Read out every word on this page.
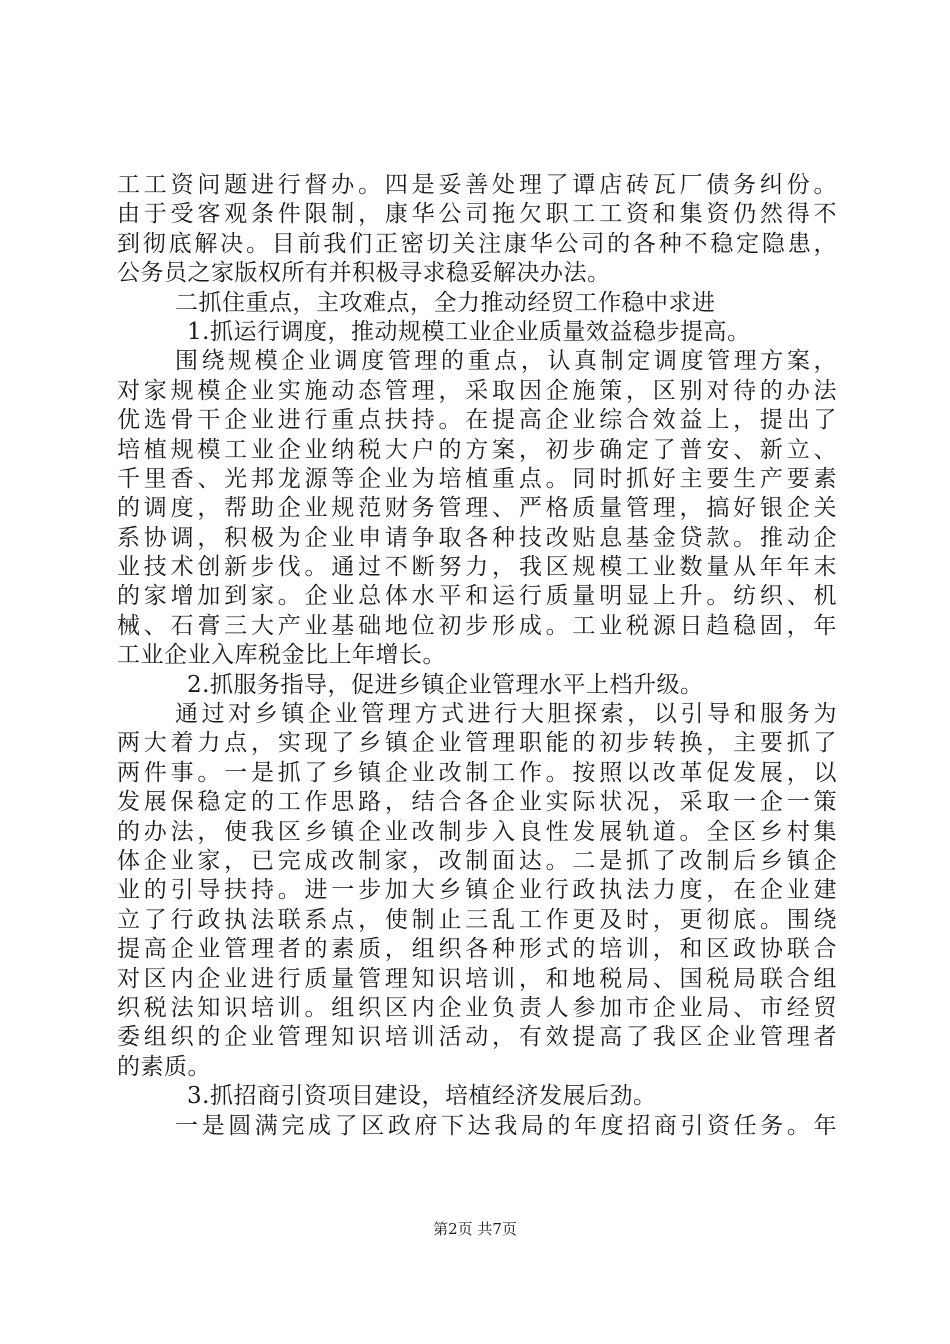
工工资问题进行督办。四是妥善处理了谭店砖瓦厂债务纠份。
由于受客观条件限制，康华公司拖欠职工工资和集资仍然得不
到彻底解决。目前我们正密切关注康华公司的各种不稳定隐患，
公务员之家版权所有并积极寻求稳妥解决办法。
二抓住重点，主攻难点，全力推动经贸工作稳中求进
1.抓运行调度，推动规模工业企业质量效益稳步提高。
围绕规模企业调度管理的重点，认真制定调度管理方案，
对家规模企业实施动态管理，采取因企施策，区别对待的办法
优选骨干企业进行重点扶持。在提高企业综合效益上，提出了
培植规模工业企业纳税大户的方案，初步确定了普安、新立、
千里香、光邦龙源等企业为培植重点。同时抓好主要生产要素
的调度，帮助企业规范财务管理、严格质量管理，搞好银企关
系协调，积极为企业申请争取各种技改贴息基金贷款。推动企
业技术创新步伐。通过不断努力，我区规模工业数量从年年末
的家增加到家。企业总体水平和运行质量明显上升。纺织、机
械、石膏三大产业基础地位初步形成。工业税源日趋稳固，年
工业企业入库税金比上年增长。
2.抓服务指导，促进乡镇企业管理水平上档升级。
通过对乡镇企业管理方式进行大胆探索，以引导和服务为
两大着力点，实现了乡镇企业管理职能的初步转换，主要抓了
两件事。一是抓了乡镇企业改制工作。按照以改革促发展，以
发展保稳定的工作思路，结合各企业实际状况，采取一企一策
的办法，使我区乡镇企业改制步入良性发展轨道。全区乡村集
体企业家，已完成改制家，改制面达。二是抓了改制后乡镇企
业的引导扶持。进一步加大乡镇企业行政执法力度，在企业建
立了行政执法联系点，使制止三乱工作更及时，更彻底。围绕
提高企业管理者的素质，组织各种形式的培训，和区政协联合
对区内企业进行质量管理知识培训，和地税局、国税局联合组
织税法知识培训。组织区内企业负责人参加市企业局、市经贸
委组织的企业管理知识培训活动，有效提高了我区企业管理者
的素质。
3.抓招商引资项目建设，培植经济发展后劲。
一是圆满完成了区政府下达我局的年度招商引资任务。年
第2页 共7页
